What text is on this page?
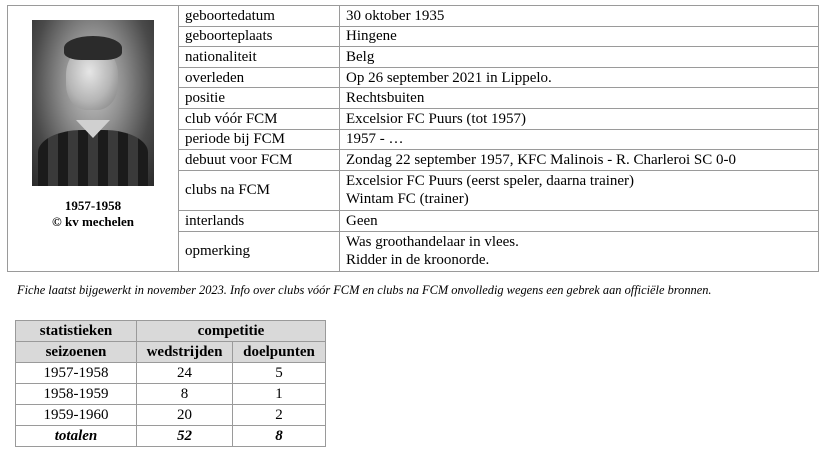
1957-1958
© kv mechelen	geboortedatum	30 oktober 1935
	geboorteplaats	Hingene
	nationaliteit	Belg
	overleden	Op 26 september 2021 in Lippelo.
	positie	Rechtsbuiten
	club vóór FCM	Excelsior FC Puurs (tot 1957)
	periode bij FCM	1957 - …
	debuut voor FCM	Zondag 22 september 1957, KFC Malinois - R. Charleroi SC 0-0
	clubs na FCM	Excelsior FC Puurs (eerst speler, daarna trainer)
Wintam FC (trainer)

	interlands	Geen
	opmerking	Was groothandelaar in vlees.
Ridder in de kroonorde.
Fiche laatst bijgewerkt in november 2023. Info over clubs vóór FCM en clubs na FCM onvolledig wegens een gebrek aan officiële bronnen.
statistieken	competitie	
seizoenen	wedstrijden	doelpunten
1957-1958	24	5
1958-1959	8	1
1959-1960	20	2
totalen	52	8
